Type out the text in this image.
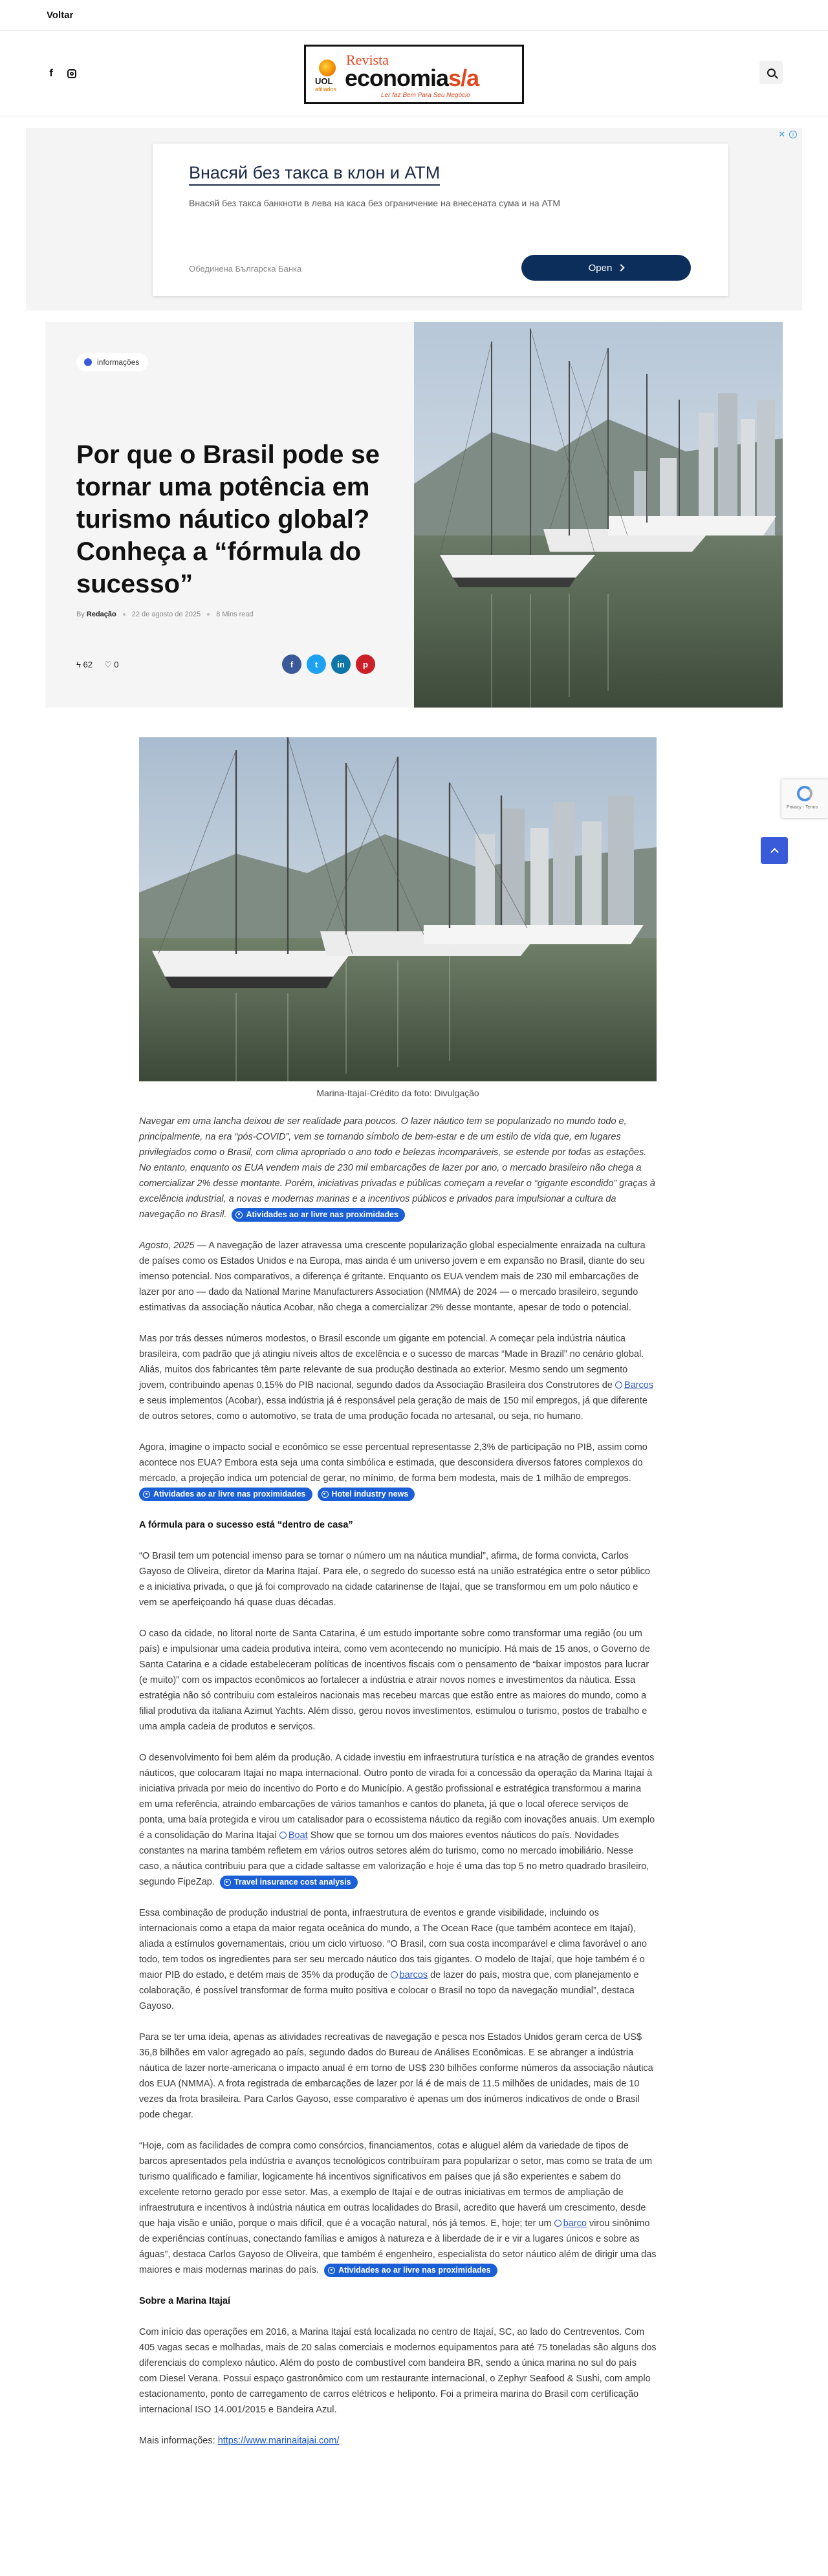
Voltar
f
UOL
afiliados
Revista
economias/a
Ler faz Bem Para Seu Negócio
✕	i
Внасяй без такса в клон и АТМ
Внасяй без такса банкноти в лева на каса без ограничение на внесената сума и на АТМ
Обединена Българска Банка	Open
informações
Por que o Brasil pode se tornar uma potência em turismo náutico global? Conheça a “fórmula do sucesso”
By Redação 22 de agosto de 2025 8 Mins read
ϟ 62 ♡ 0	f	t	in	p
Marina-Itajaí-Crédito da foto: Divulgação
Privacy - Terms

Navegar em uma lancha deixou de ser realidade para poucos. O lazer náutico tem se popularizado no mundo todo e, principalmente, na era “pós-COVID”, vem se tornando símbolo de bem-estar e de um estilo de vida que, em lugares privilegiados como o Brasil, com clima apropriado o ano todo e belezas incomparáveis, se estende por todas as estações. No entanto, enquanto os EUA vendem mais de 230 mil embarcações de lazer por ano, o mercado brasileiro não chega a comercializar 2% desse montante. Porém, iniciativas privadas e públicas começam a revelar o “gigante escondido” graças à excelência industrial, a novas e modernas marinas e a incentivos públicos e privados para impulsionar a cultura da navegação no Brasil. Atividades ao ar livre nas proximidades

Agosto, 2025 — A navegação de lazer atravessa uma crescente popularização global especialmente enraizada na cultura de países como os Estados Unidos e na Europa, mas ainda é um universo jovem e em expansão no Brasil, diante do seu imenso potencial. Nos comparativos, a diferença é gritante. Enquanto os EUA vendem mais de 230 mil embarcações de lazer por ano — dado da National Marine Manufacturers Association (NMMA) de 2024 — o mercado brasileiro, segundo estimativas da associação náutica Acobar, não chega a comercializar 2% desse montante, apesar de todo o potencial.

Mas por trás desses números modestos, o Brasil esconde um gigante em potencial. A começar pela indústria náutica brasileira, com padrão que já atingiu níveis altos de excelência e o sucesso de marcas “Made in Brazil” no cenário global. Aliás, muitos dos fabricantes têm parte relevante de sua produção destinada ao exterior. Mesmo sendo um segmento jovem, contribuindo apenas 0,15% do PIB nacional, segundo dados da Associação Brasileira dos Construtores de Barcos e seus implementos (Acobar), essa indústria já é responsável pela geração de mais de 150 mil empregos, já que diferente de outros setores, como o automotivo, se trata de uma produção focada no artesanal, ou seja, no humano.

Agora, imagine o impacto social e econômico se esse percentual representasse 2,3% de participação no PIB, assim como acontece nos EUA? Embora esta seja uma conta simbólica e estimada, que desconsidera diversos fatores complexos do mercado, a projeção indica um potencial de gerar, no mínimo, de forma bem modesta, mais de 1 milhão de empregos.

Atividades ao ar livre nas proximidades
	Hotel industry news

A fórmula para o sucesso está “dentro de casa”

“O Brasil tem um potencial imenso para se tornar o número um na náutica mundial”, afirma, de forma convicta, Carlos Gayoso de Oliveira, diretor da Marina Itajaí. Para ele, o segredo do sucesso está na união estratégica entre o setor público e a iniciativa privada, o que já foi comprovado na cidade catarinense de Itajaí, que se transformou em um polo náutico e vem se aperfeiçoando há quase duas décadas.

O caso da cidade, no litoral norte de Santa Catarina, é um estudo importante sobre como transformar uma região (ou um país) e impulsionar uma cadeia produtiva inteira, como vem acontecendo no município. Há mais de 15 anos, o Governo de Santa Catarina e a cidade estabeleceram políticas de incentivos fiscais com o pensamento de “baixar impostos para lucrar (e muito)” com os impactos econômicos ao fortalecer a indústria e atrair novos nomes e investimentos da náutica. Essa estratégia não só contribuiu com estaleiros nacionais mas recebeu marcas que estão entre as maiores do mundo, como a filial produtiva da italiana Azimut Yachts. Além disso, gerou novos investimentos, estimulou o turismo, postos de trabalho e uma ampla cadeia de produtos e serviços.

O desenvolvimento foi bem além da produção. A cidade investiu em infraestrutura turística e na atração de grandes eventos náuticos, que colocaram Itajaí no mapa internacional. Outro ponto de virada foi a concessão da operação da Marina Itajaí à iniciativa privada por meio do incentivo do Porto e do Município. A gestão profissional e estratégica transformou a marina em uma referência, atraindo embarcações de vários tamanhos e cantos do planeta, já que o local oferece serviços de ponta, uma baía protegida e virou um catalisador para o ecossistema náutico da região com inovações anuais. Um exemplo é a consolidação do Marina Itajaí Boat Show que se tornou um dos maiores eventos náuticos do país. Novidades constantes na marina também refletem em vários outros setores além do turismo, como no mercado imobiliário. Nesse caso, a náutica contribuiu para que a cidade saltasse em valorização e hoje é uma das top 5 no metro quadrado brasileiro, segundo FipeZap. Travel insurance cost analysis

Essa combinação de produção industrial de ponta, infraestrutura de eventos e grande visibilidade, incluindo os internacionais como a etapa da maior regata oceânica do mundo, a The Ocean Race (que também acontece em Itajaí), aliada a estímulos governamentais, criou um ciclo virtuoso. “O Brasil, com sua costa incomparável e clima favorável o ano todo, tem todos os ingredientes para ser seu mercado náutico dos tais gigantes. O modelo de Itajaí, que hoje também é o maior PIB do estado, e detém mais de 35% da produção de barcos de lazer do país, mostra que, com planejamento e colaboração, é possível transformar de forma muito positiva e colocar o Brasil no topo da navegação mundial”, destaca Gayoso.

Para se ter uma ideia, apenas as atividades recreativas de navegação e pesca nos Estados Unidos geram cerca de US$ 36,8 bilhões em valor agregado ao país, segundo dados do Bureau de Análises Econômicas. E se abranger a indústria náutica de lazer norte-americana o impacto anual é em torno de US$ 230 bilhões conforme números da associação náutica dos EUA (NMMA). A frota registrada de embarcações de lazer por lá é de mais de 11.5 milhões de unidades, mais de 10 vezes da frota brasileira. Para Carlos Gayoso, esse comparativo é apenas um dos inúmeros indicativos de onde o Brasil pode chegar.

“Hoje, com as facilidades de compra como consórcios, financiamentos, cotas e aluguel além da variedade de tipos de barcos apresentados pela indústria e avanços tecnológicos contribuíram para popularizar o setor, mas como se trata de um turismo qualificado e familiar, logicamente há incentivos significativos em países que já são experientes e sabem do excelente retorno gerado por esse setor. Mas, a exemplo de Itajaí e de outras iniciativas em termos de ampliação de infraestrutura e incentivos à indústria náutica em outras localidades do Brasil, acredito que haverá um crescimento, desde que haja visão e união, porque o mais difícil, que é a vocação natural, nós já temos. E, hoje; ter um barco virou sinônimo de experiências contínuas, conectando famílias e amigos à natureza e à liberdade de ir e vir a lugares únicos e sobre as águas”, destaca Carlos Gayoso de Oliveira, que também é engenheiro, especialista do setor náutico além de dirigir uma das maiores e mais modernas marinas do país. Atividades ao ar livre nas proximidades

Sobre a Marina Itajaí

Com início das operações em 2016, a Marina Itajaí está localizada no centro de Itajaí, SC, ao lado do Centreventos. Com 405 vagas secas e molhadas, mais de 20 salas comerciais e modernos equipamentos para até 75 toneladas são alguns dos diferenciais do complexo náutico. Além do posto de combustível com bandeira BR, sendo a única marina no sul do país com Diesel Verana. Possui espaço gastronômico com um restaurante internacional, o Zephyr Seafood & Sushi, com amplo estacionamento, ponto de carregamento de carros elétricos e heliponto. Foi a primeira marina do Brasil com certificação internacional ISO 14.001/2015 e Bandeira Azul.

Mais informações: https://www.marinaitajai.com/
